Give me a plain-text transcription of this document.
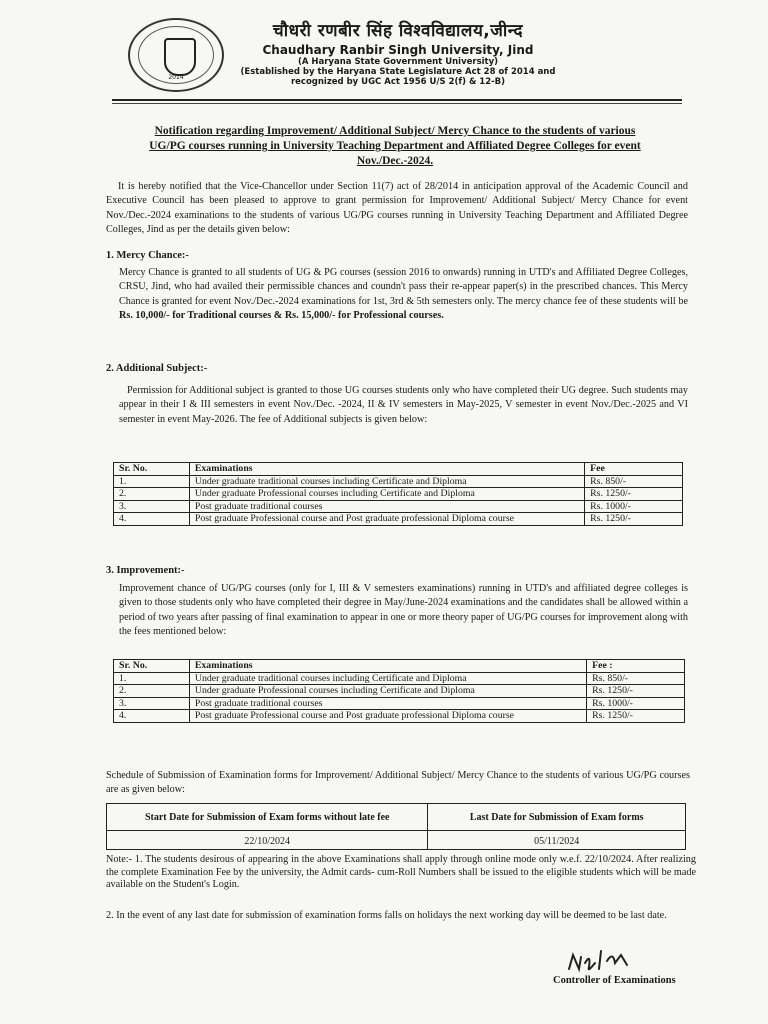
2014
चौधरी रणबीर सिंह विश्वविद्यालय,जीन्द
Chaudhary Ranbir Singh University, Jind
(A Haryana State Government University)
(Established by the Haryana State Legislature Act 28 of 2014 and
recognized by UGC Act 1956 U/S 2(f) & 12-B)
Notification regarding Improvement/ Additional Subject/ Mercy Chance to the students of various
UG/PG courses running in University Teaching Department and Affiliated Degree Colleges for event
Nov./Dec.-2024.
It is hereby notified that the Vice-Chancellor under Section 11(7) act of 28/2014 in anticipation approval of the Academic Council and Executive Council has been pleased to approve to grant permission for Improvement/ Additional Subject/ Mercy Chance for event Nov./Dec.-2024 examinations to the students of various UG/PG courses running in University Teaching Department and Affiliated Degree Colleges, Jind as per the details given below:
1. Mercy Chance:-
Mercy Chance is granted to all students of UG & PG courses (session 2016 to onwards) running in UTD's and Affiliated Degree Colleges, CRSU, Jind, who had availed their permissible chances and coundn't pass their re-appear paper(s) in the prescribed chances. This Mercy Chance is granted for event Nov./Dec.-2024 examinations for 1st, 3rd & 5th semesters only. The mercy chance fee of these students will be Rs. 10,000/- for Traditional courses & Rs. 15,000/- for Professional courses.
2. Additional Subject:-
Permission for Additional subject is granted to those UG courses students only who have completed their UG degree. Such students may appear in their I & III semesters in event Nov./Dec. -2024, II & IV semesters in May-2025, V semester in event Nov./Dec.-2025 and VI semester in event May-2026. The fee of Additional subjects is given below:
Sr. No.	Examinations	Fee
1.	Under graduate traditional courses including Certificate and Diploma	Rs. 850/-
2.	Under graduate Professional courses including Certificate and Diploma	Rs. 1250/-
3.	Post graduate traditional courses	Rs. 1000/-
4.	Post graduate Professional course and Post graduate professional Diploma course	Rs. 1250/-
3. Improvement:-
Improvement chance of UG/PG courses (only for I, III & V semesters examinations) running in UTD's and affiliated degree colleges is given to those students only who have completed their degree in May/June-2024 examinations and the candidates shall be allowed within a period of two years after passing of final examination to appear in one or more theory paper of UG/PG courses for improvement along with the fees mentioned below:
Sr. No.	Examinations	Fee :
1.	Under graduate traditional courses including Certificate and Diploma	Rs. 850/-
2.	Under graduate Professional courses including Certificate and Diploma	Rs. 1250/-
3.	Post graduate traditional courses	Rs. 1000/-
4.	Post graduate Professional course and Post graduate professional Diploma course	Rs. 1250/-
Schedule of Submission of Examination forms for Improvement/ Additional Subject/ Mercy Chance to the students of various UG/PG courses are as given below:
Start Date for Submission of Exam forms without late fee	Last Date for Submission of Exam forms
22/10/2024	05/11/2024
Note:- 1. The students desirous of appearing in the above Examinations shall apply through online mode only w.e.f. 22/10/2024. After realizing the complete Examination Fee by the university, the Admit cards- cum-Roll Numbers shall be issued to the eligible students which will be made available on the Student's Login.
2. In the event of any last date for submission of examination forms falls on holidays the next working day will be deemed to be last date.
Controller of Examinations
